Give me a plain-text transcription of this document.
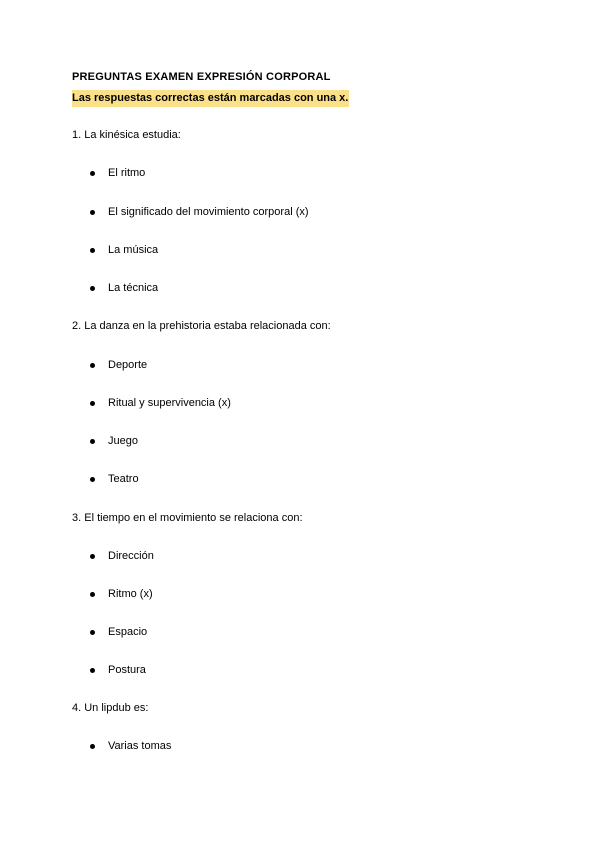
PREGUNTAS EXAMEN EXPRESIÓN CORPORAL
Las respuestas correctas están marcadas con una x.
1. La kinésica estudia:
El ritmo
El significado del movimiento corporal (x)
La música
La técnica
2. La danza en la prehistoria estaba relacionada con:
Deporte
Ritual y supervivencia (x)
Juego
Teatro
3. El tiempo en el movimiento se relaciona con:
Dirección
Ritmo (x)
Espacio
Postura
4. Un lipdub es:
Varias tomas
